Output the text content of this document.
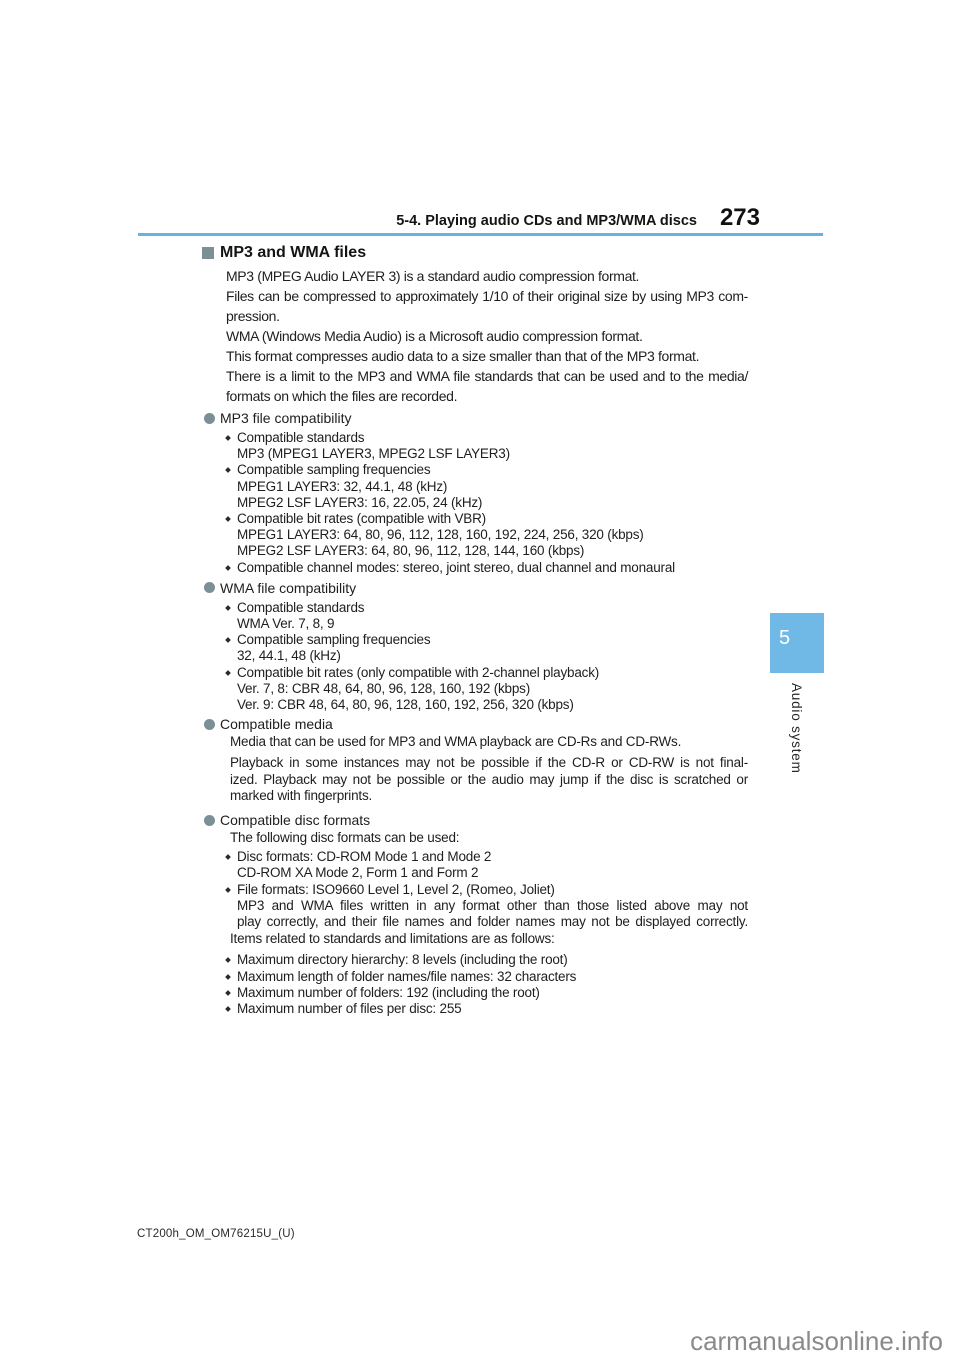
5-4. Playing audio CDs and MP3/WMA discs 273
MP3 and WMA files
MP3 (MPEG Audio LAYER 3) is a standard audio compression format.
Files can be compressed to approximately 1/10 of their original size by using MP3 com-
pression.
WMA (Windows Media Audio) is a Microsoft audio compression format.
This format compresses audio data to a size smaller than that of the MP3 format.
There is a limit to the MP3 and WMA file standards that can be used and to the media/
formats on which the files are recorded.
MP3 file compatibility
Compatible standards
MP3 (MPEG1 LAYER3, MPEG2 LSF LAYER3)
Compatible sampling frequencies
MPEG1 LAYER3: 32, 44.1, 48 (kHz)
MPEG2 LSF LAYER3: 16, 22.05, 24 (kHz)
Compatible bit rates (compatible with VBR)
MPEG1 LAYER3: 64, 80, 96, 112, 128, 160, 192, 224, 256, 320 (kbps)
MPEG2 LSF LAYER3: 64, 80, 96, 112, 128, 144, 160 (kbps)
Compatible channel modes: stereo, joint stereo, dual channel and monaural
WMA file compatibility
Compatible standards
WMA Ver. 7, 8, 9
Compatible sampling frequencies
32, 44.1, 48 (kHz)
Compatible bit rates (only compatible with 2-channel playback)
Ver. 7, 8: CBR 48, 64, 80, 96, 128, 160, 192 (kbps)
Ver. 9: CBR 48, 64, 80, 96, 128, 160, 192, 256, 320 (kbps)
Compatible media
Media that can be used for MP3 and WMA playback are CD-Rs and CD-RWs.
Playback in some instances may not be possible if the CD-R or CD-RW is not final-
ized. Playback may not be possible or the audio may jump if the disc is scratched or
marked with fingerprints.
Compatible disc formats
The following disc formats can be used:
Disc formats: CD-ROM Mode 1 and Mode 2
CD-ROM XA Mode 2, Form 1 and Form 2
File formats: ISO9660 Level 1, Level 2, (Romeo, Joliet)
MP3 and WMA files written in any format other than those listed above may not
play correctly, and their file names and folder names may not be displayed correctly.
Items related to standards and limitations are as follows:
Maximum directory hierarchy: 8 levels (including the root)
Maximum length of folder names/file names: 32 characters
Maximum number of folders: 192 (including the root)
Maximum number of files per disc: 255
5
Audio system
CT200h_OM_OM76215U_(U)
carmanualsonline.info
